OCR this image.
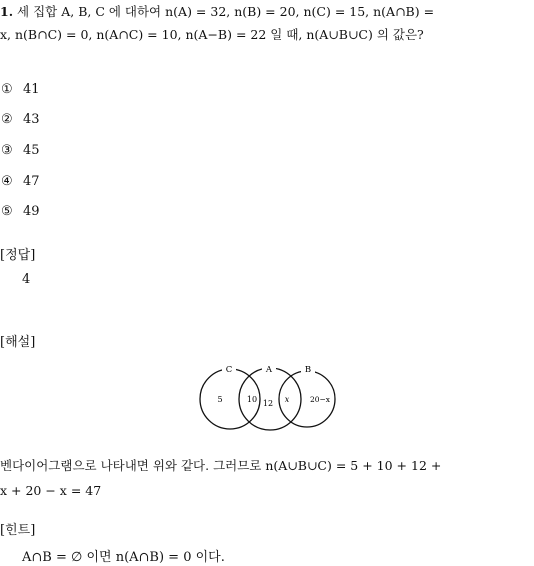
1. 세 집합 A, B, C 에 대하여 n(A) = 32, n(B) = 20, n(C) = 15, n(A∩B) =
x, n(B∩C) = 0, n(A∩C) = 10, n(A−B) = 22 일 때, n(A∪B∪C) 의 값은?
① 41
② 43
③ 45
④ 47
⑤ 49
[정답]
4
[해설]
C	A	B
5	10 12 x	20−x
벤다이어그램으로 나타내면 위와 같다. 그러므로 n(A∪B∪C) = 5 + 10 + 12 +
x + 20 − x = 47
[힌트]
A∩B = ∅ 이면 n(A∩B) = 0 이다.
